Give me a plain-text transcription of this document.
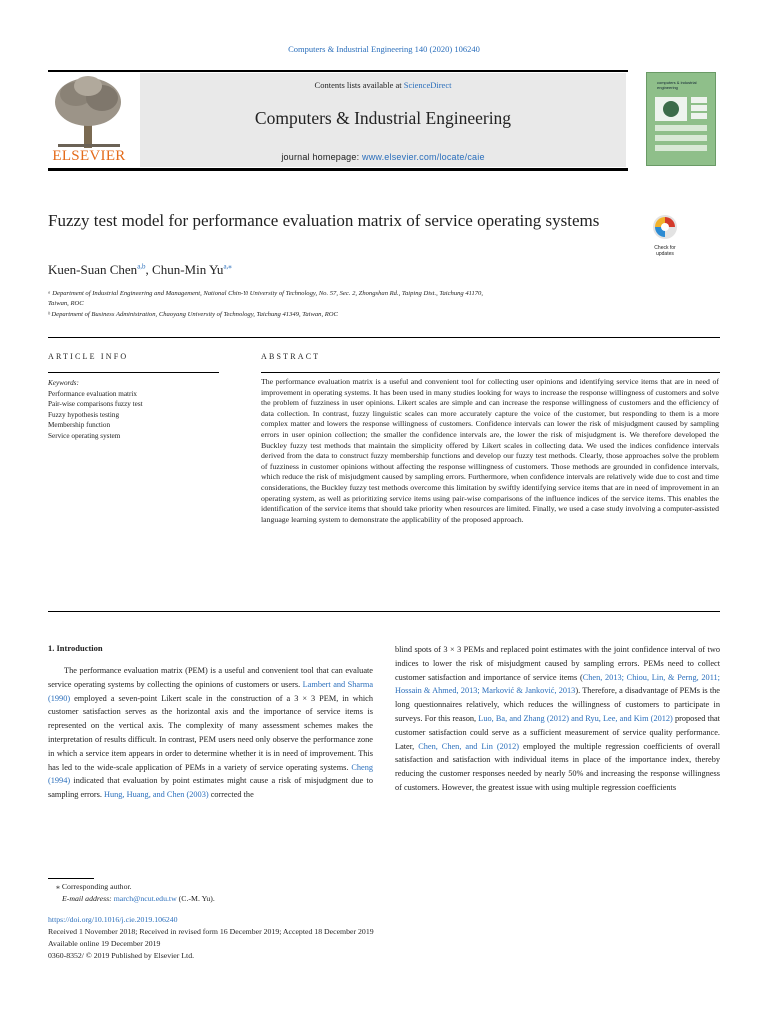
Computers & Industrial Engineering 140 (2020) 106240
Contents lists available at ScienceDirect
Computers & Industrial Engineering
journal homepage: www.elsevier.com/locate/caie
ELSEVIER
computers & industrial engineering
Fuzzy test model for performance evaluation matrix of service operating systems
Check for updates
Kuen-Suan Chen$^{a,b}$, Chun-Min $Yu^{a,⁎}$
ᵃ Department of Industrial Engineering and Management, National Chin-Yi University of Technology, No. 57, Sec. 2, Zhongshan Rd., Taiping Dist., Taichung 41170,
Taiwan, ROC
ᵇ Department of Business Administration, Chaoyang University of Technology, Taichung 41349, Taiwan, ROC
ARTICLE INFO	ABSTRACT
Keywords:
Performance evaluation matrix
Pair-wise comparisons fuzzy test
Fuzzy hypothesis testing
Membership function
Service operating system
The performance evaluation matrix is a useful and convenient tool for collecting user opinions and identifying service items that are in need of improvement in operating systems. It has been used in many studies looking for ways to increase the response willingness of customers and solve the problem of fuzziness in user opinions. Likert scales are simple and can increase the response willingness of customers and the efficiency of data collection. In contrast, fuzzy linguistic scales can more accurately capture the voice of the customer, but responding to them is a more complex matter and lowers the response willingness of customers. Confidence intervals can lower the risk of misjudgment caused by sampling errors in user opinion collection; the smaller the confidence intervals are, the lower the risk of misjudgment is. We therefore developed the Buckley fuzzy test methods that maintain the simplicity offered by Likert scales in collecting data. We used the indices confidence intervals derived from the data to construct fuzzy membership functions and develop our fuzzy test methods. Clearly, those approaches solve the problem of fuzziness in customer opinions without affecting the response willingness of customers. Those methods are grounded in confidence intervals, which reduce the risk of misjudgment caused by sampling errors. Furthermore, when confidence intervals are relatively wide due to cost and time considerations, the Buckley fuzzy test methods overcome this limitation by swiftly identifying service items that are in need of improvement in an operating system, as well as prioritizing service items using pair-wise comparisons of the influence indices of the service items. This enables the identification of the service items that should take priority when resources are limited. Finally, we used a case study involving a computer-assisted language learning system to demonstrate the applicability of the proposed approach.
1. Introduction
The performance evaluation matrix (PEM) is a useful and convenient tool that can evaluate service operating systems by collecting the opinions of customers or users. Lambert and Sharma (1990) employed a seven-point Likert scale in the construction of a 3 × 3 PEM, in which customer satisfaction serves as the horizontal axis and the importance of service items is represented on the vertical axis. The complexity of many assessment schemes makes the interpretation of results difficult. In contrast, PEM users need only observe the performance zone in which a service item appears in order to determine whether it is in need of improvement. This has led to the wide-scale application of PEMs in a variety of service operating systems. Cheng (1994) indicated that evaluation by point estimates might cause a risk of misjudgment due to sampling errors. Hung, Huang, and Chen (2003) corrected the
blind spots of 3 × 3 PEMs and replaced point estimates with the joint confidence interval of two indices to lower the risk of misjudgment caused by sampling errors. PEMs need to collect customer satisfaction and importance of service items (Chen, 2013; Chiou, Lin, & Perng, 2011; Hossain & Ahmed, 2013; Marković & Janković, 2013). Therefore, a disadvantage of PEMs is the long questionnaires relatively, which reduces the willingness of customers to participate in surveys. For this reason, Luo, Ba, and Zhang (2012) and Ryu, Lee, and Kim (2012) proposed that customer satisfaction could serve as a sufficient measurement of service quality performance. Later, Chen, Chen, and Lin (2012) employed the multiple regression coefficients of overall satisfaction and satisfaction with individual items in place of the importance index, thereby reducing the customer responses needed by nearly 50% and increasing the response willingness of customers. However, the greatest issue with using multiple regression coefficients
⁎ Corresponding author.
E-mail address: march@ncut.edu.tw (C.-M. Yu).
https://doi.org/10.1016/j.cie.2019.106240
Received 1 November 2018; Received in revised form 16 December 2019; Accepted 18 December 2019
Available online 19 December 2019
0360-8352/ © 2019 Published by Elsevier Ltd.
